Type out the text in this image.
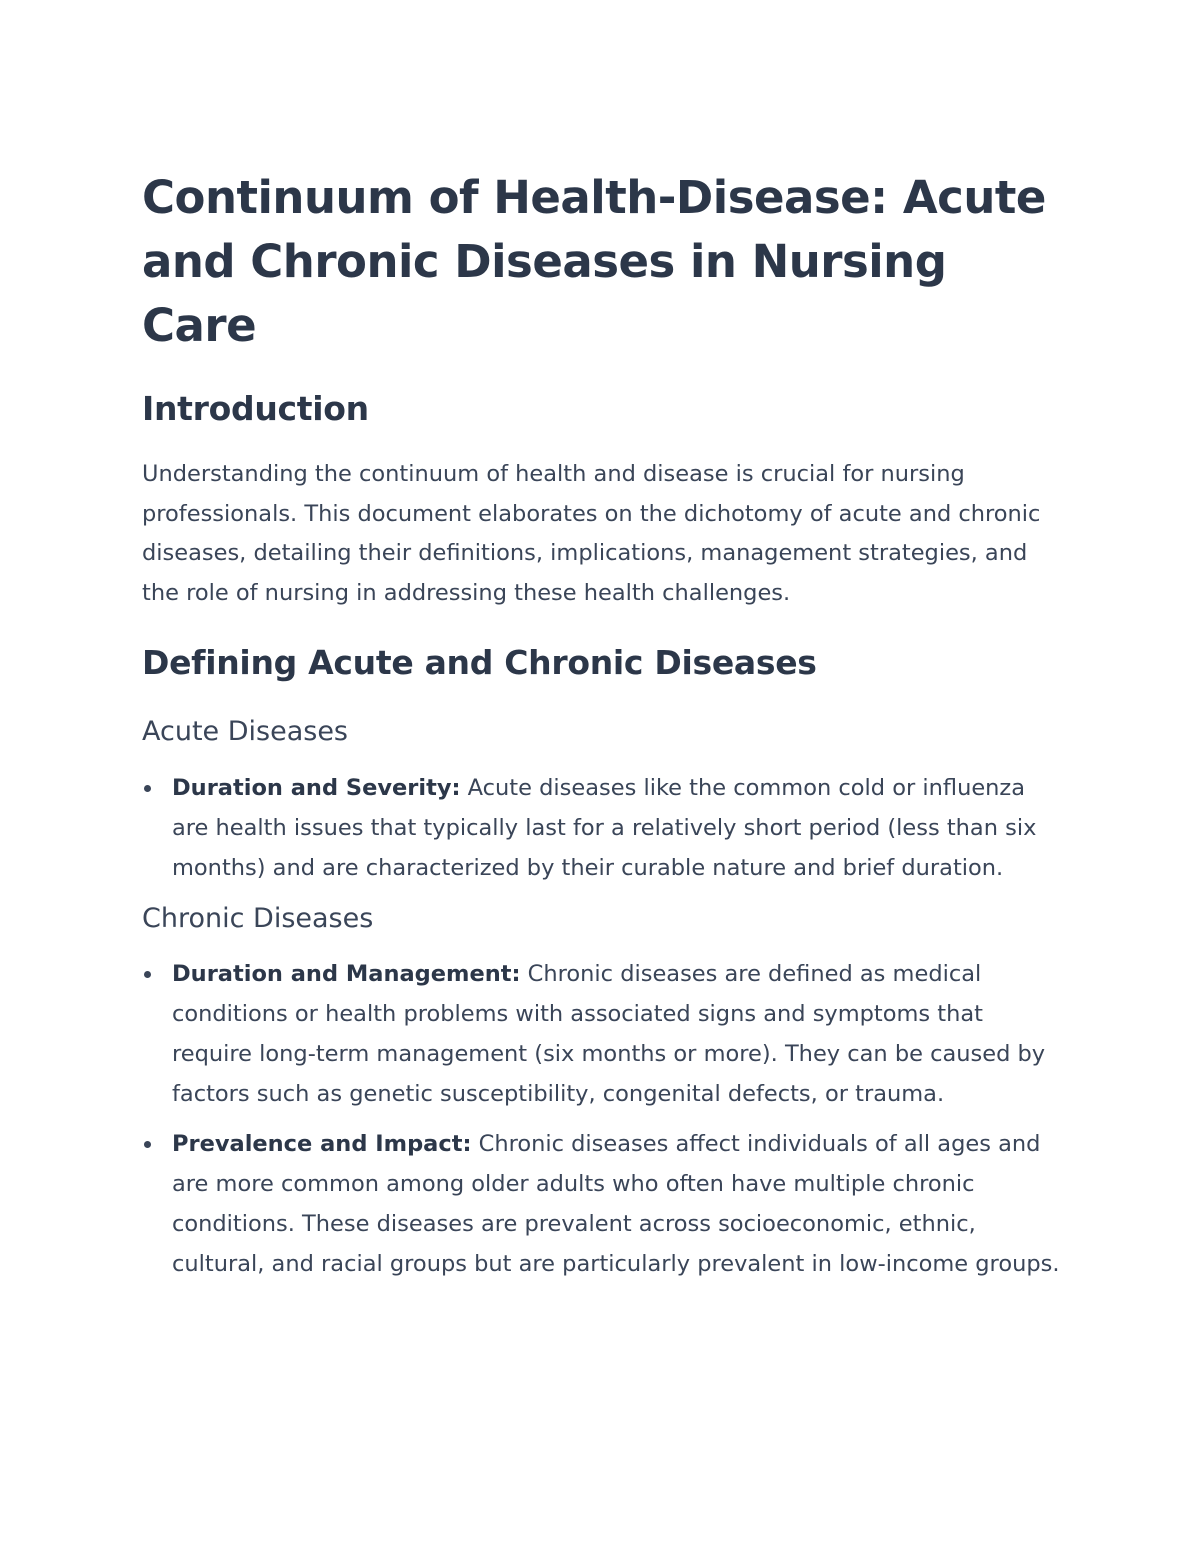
Continuum of Health-Disease: Acute and Chronic Diseases in Nursing Care
Introduction

Understanding the continuum of health and disease is crucial for nursing professionals. This document elaborates on the dichotomy of acute and chronic diseases, detailing their definitions, implications, management strategies, and the role of nursing in addressing these health challenges.

Defining Acute and Chronic Diseases
Acute Diseases
Duration and Severity: Acute diseases like the common cold or influenza are health issues that typically last for a relatively short period (less than six months) and are characterized by their curable nature and brief duration.
Chronic Diseases
Duration and Management: Chronic diseases are defined as medical conditions or health problems with associated signs and symptoms that require long-term management (six months or more). They can be caused by factors such as genetic susceptibility, congenital defects, or trauma.
Prevalence and Impact: Chronic diseases affect individuals of all ages and are more common among older adults who often have multiple chronic conditions. These diseases are prevalent across socioeconomic, ethnic, cultural, and racial groups but are particularly prevalent in low-income groups.
